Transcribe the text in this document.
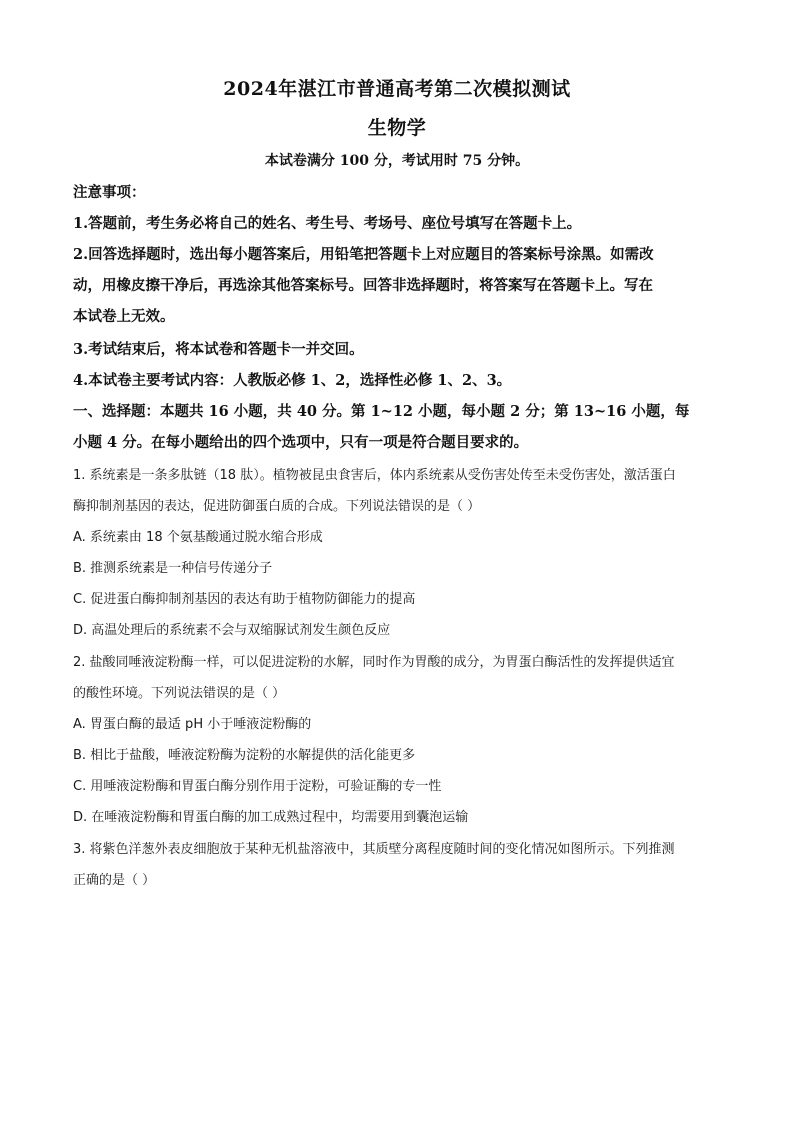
2024年湛江市普通高考第二次模拟测试
生物学
本试卷满分 100 分，考试用时 75 分钟。
注意事项：
1.答题前，考生务必将自己的姓名、考生号、考场号、座位号填写在答题卡上。
2.回答选择题时，选出每小题答案后，用铅笔把答题卡上对应题目的答案标号涂黑。如需改
动，用橡皮擦干净后，再选涂其他答案标号。回答非选择题时，将答案写在答题卡上。写在
本试卷上无效。
3.考试结束后，将本试卷和答题卡一并交回。
4.本试卷主要考试内容：人教版必修 1、2，选择性必修 1、2、3。
一、选择题：本题共 16 小题，共 40 分。第 1~12 小题，每小题 2 分；第 13~16 小题，每
小题 4 分。在每小题给出的四个选项中，只有一项是符合题目要求的。
1. 系统素是一条多肽链（18 肽）。植物被昆虫食害后，体内系统素从受伤害处传至未受伤害处，激活蛋白
酶抑制剂基因的表达，促进防御蛋白质的合成。下列说法错误的是（ ）
A. 系统素由 18 个氨基酸通过脱水缩合形成
B. 推测系统素是一种信号传递分子
C. 促进蛋白酶抑制剂基因的表达有助于植物防御能力的提高
D. 高温处理后的系统素不会与双缩脲试剂发生颜色反应
2. 盐酸同唾液淀粉酶一样，可以促进淀粉的水解，同时作为胃酸的成分，为胃蛋白酶活性的发挥提供适宜
的酸性环境。下列说法错误的是（ ）
A. 胃蛋白酶的最适 pH 小于唾液淀粉酶的
B. 相比于盐酸，唾液淀粉酶为淀粉的水解提供的活化能更多
C. 用唾液淀粉酶和胃蛋白酶分别作用于淀粉，可验证酶的专一性
D. 在唾液淀粉酶和胃蛋白酶的加工成熟过程中，均需要用到囊泡运输
3. 将紫色洋葱外表皮细胞放于某种无机盐溶液中，其质壁分离程度随时间的变化情况如图所示。下列推测
正确的是（ ）
